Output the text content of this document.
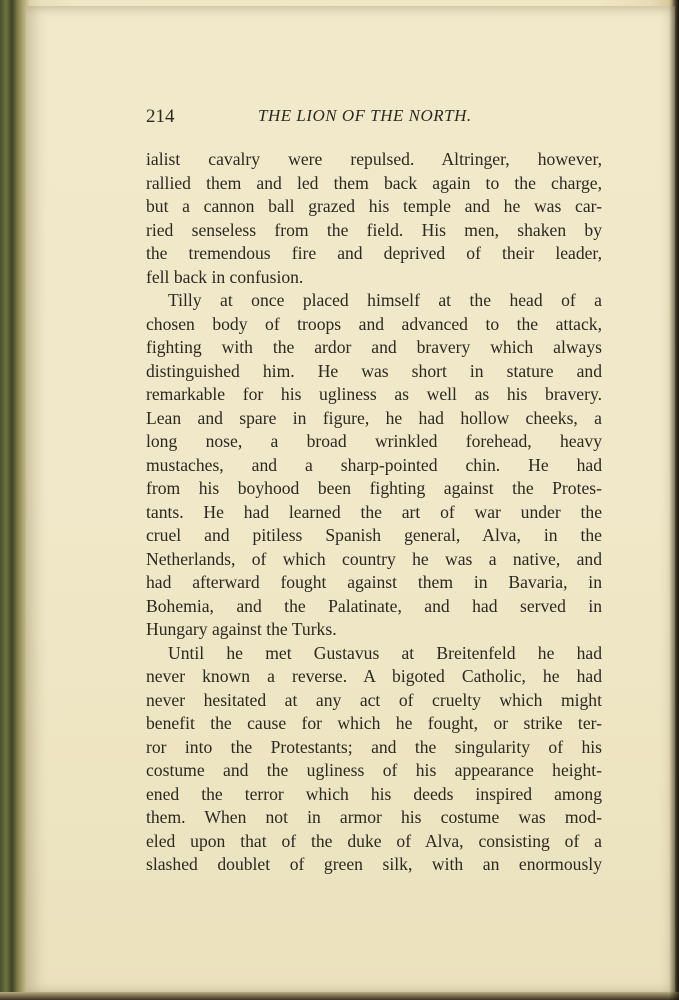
214	THE LION OF THE NORTH.
ialist cavalry were repulsed. Altringer, however,
rallied them and led them back again to the charge,
but a cannon ball grazed his temple and he was car-
ried senseless from the field. His men, shaken by
the tremendous fire and deprived of their leader,
fell back in confusion.
Tilly at once placed himself at the head of a
chosen body of troops and advanced to the attack,
fighting with the ardor and bravery which always
distinguished him. He was short in stature and
remarkable for his ugliness as well as his bravery.
Lean and spare in figure, he had hollow cheeks, a
long nose, a broad wrinkled forehead, heavy
mustaches, and a sharp-pointed chin. He had
from his boyhood been fighting against the Protes-
tants. He had learned the art of war under the
cruel and pitiless Spanish general, Alva, in the
Netherlands, of which country he was a native, and
had afterward fought against them in Bavaria, in
Bohemia, and the Palatinate, and had served in
Hungary against the Turks.
Until he met Gustavus at Breitenfeld he had
never known a reverse. A bigoted Catholic, he had
never hesitated at any act of cruelty which might
benefit the cause for which he fought, or strike ter-
ror into the Protestants; and the singularity of his
costume and the ugliness of his appearance height-
ened the terror which his deeds inspired among
them. When not in armor his costume was mod-
eled upon that of the duke of Alva, consisting of a
slashed doublet of green silk, with an enormously
